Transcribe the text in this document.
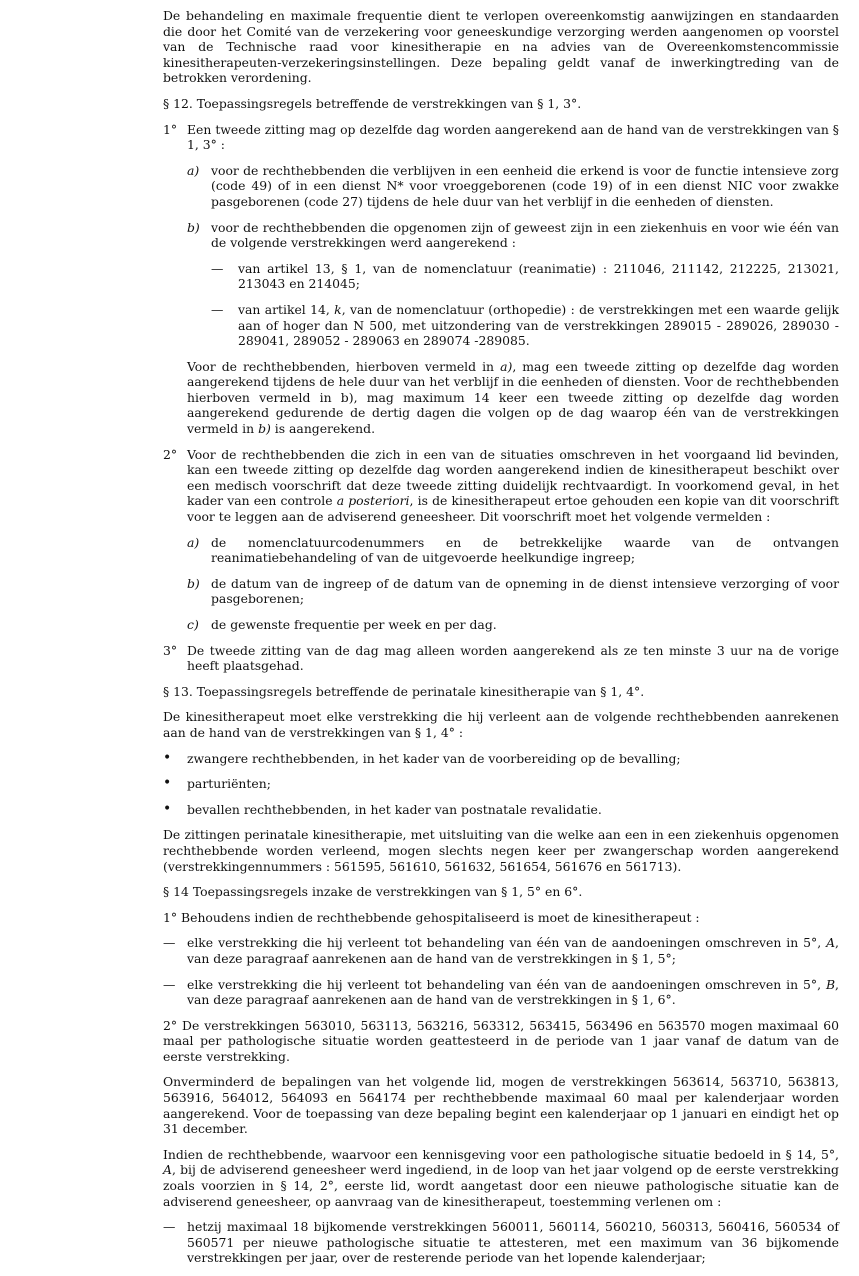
De behandeling en maximale frequentie dient te verlopen overeenkomstig aanwijzingen en standaarden die door het Comité van de verzekering voor geneeskundige verzorging werden aangenomen op voorstel van de Technische raad voor kinesitherapie en na advies van de Overeenkomstencommissie kinesitherapeuten-verzekeringsinstellingen. Deze bepaling geldt vanaf de inwerkingtreding van de betrokken verordening.

§ 12. Toepassingsregels betreffende de verstrekkingen van § 1, 3°.

1° Een tweede zitting mag op dezelfde dag worden aangerekend aan de hand van de verstrekkingen van § 1, 3° :

a) voor de rechthebbenden die verblijven in een eenheid die erkend is voor de functie intensieve zorg (code 49) of in een dienst N* voor vroeggeborenen (code 19) of in een dienst NIC voor zwakke pasgeborenen (code 27) tijdens de hele duur van het verblijf in die eenheden of diensten.

b) voor de rechthebbenden die opgenomen zijn of geweest zijn in een ziekenhuis en voor wie één van de volgende verstrekkingen werd aangerekend :

— van artikel 13, § 1, van de nomenclatuur (reanimatie) : 211046, 211142, 212225, 213021, 213043 en 214045;

— van artikel 14, k, van de nomenclatuur (orthopedie) : de verstrekkingen met een waarde gelijk aan of hoger dan N 500, met uitzondering van de verstrekkingen 289015 - 289026, 289030 - 289041, 289052 - 289063 en 289074 -289085.

Voor de rechthebbenden, hierboven vermeld in a), mag een tweede zitting op dezelfde dag worden aangerekend tijdens de hele duur van het verblijf in die eenheden of diensten. Voor de rechthebbenden hierboven vermeld in b), mag maximum 14 keer een tweede zitting op dezelfde dag worden aangerekend gedurende de dertig dagen die volgen op de dag waarop één van de verstrekkingen vermeld in b) is aangerekend.

2° Voor de rechthebbenden die zich in een van de situaties omschreven in het voorgaand lid bevinden, kan een tweede zitting op dezelfde dag worden aangerekend indien de kinesitherapeut beschikt over een medisch voorschrift dat deze tweede zitting duidelijk rechtvaardigt. In voorkomend geval, in het kader van een controle a posteriori, is de kinesitherapeut ertoe gehouden een kopie van dit voorschrift voor te leggen aan de adviserend geneesheer. Dit voorschrift moet het volgende vermelden :

a) de nomenclatuurcodenummers en de betrekkelijke waarde van de ontvangen reanimatiebehandeling of van de uitgevoerde heelkundige ingreep;

b) de datum van de ingreep of de datum van de opneming in de dienst intensieve verzorging of voor pasgeborenen;

c) de gewenste frequentie per week en per dag.

3° De tweede zitting van de dag mag alleen worden aangerekend als ze ten minste 3 uur na de vorige heeft plaatsgehad.

§ 13. Toepassingsregels betreffende de perinatale kinesitherapie van § 1, 4°.

De kinesitherapeut moet elke verstrekking die hij verleent aan de volgende rechthebbenden aanrekenen aan de hand van de verstrekkingen van § 1, 4° :

• zwangere rechthebbenden, in het kader van de voorbereiding op de bevalling;

• parturiënten;

• bevallen rechthebbenden, in het kader van postnatale revalidatie.

De zittingen perinatale kinesitherapie, met uitsluiting van die welke aan een in een ziekenhuis opgenomen rechthebbende worden verleend, mogen slechts negen keer per zwangerschap worden aangerekend (verstrekkingennummers : 561595, 561610, 561632, 561654, 561676 en 561713).

§ 14 Toepassingsregels inzake de verstrekkingen van § 1, 5° en 6°.

1° Behoudens indien de rechthebbende gehospitaliseerd is moet de kinesitherapeut :

— elke verstrekking die hij verleent tot behandeling van één van de aandoeningen omschreven in 5°, A, van deze paragraaf aanrekenen aan de hand van de verstrekkingen in § 1, 5°;

— elke verstrekking die hij verleent tot behandeling van één van de aandoeningen omschreven in 5°, B, van deze paragraaf aanrekenen aan de hand van de verstrekkingen in § 1, 6°.

2° De verstrekkingen 563010, 563113, 563216, 563312, 563415, 563496 en 563570 mogen maximaal 60 maal per pathologische situatie worden geattesteerd in de periode van 1 jaar vanaf de datum van de eerste verstrekking.

Onverminderd de bepalingen van het volgende lid, mogen de verstrekkingen 563614, 563710, 563813, 563916, 564012, 564093 en 564174 per rechthebbende maximaal 60 maal per kalenderjaar worden aangerekend. Voor de toepassing van deze bepaling begint een kalenderjaar op 1 januari en eindigt het op 31 december.

Indien de rechthebbende, waarvoor een kennisgeving voor een pathologische situatie bedoeld in § 14, 5°, A, bij de adviserend geneesheer werd ingediend, in de loop van het jaar volgend op de eerste verstrekking zoals voorzien in § 14, 2°, eerste lid, wordt aangetast door een nieuwe pathologische situatie kan de adviserend geneesheer, op aanvraag van de kinesitherapeut, toestemming verlenen om :

— hetzij maximaal 18 bijkomende verstrekkingen 560011, 560114, 560210, 560313, 560416, 560534 of 560571 per nieuwe pathologische situatie te attesteren, met een maximum van 36 bijkomende verstrekkingen per jaar, over de resterende periode van het lopende kalenderjaar;
